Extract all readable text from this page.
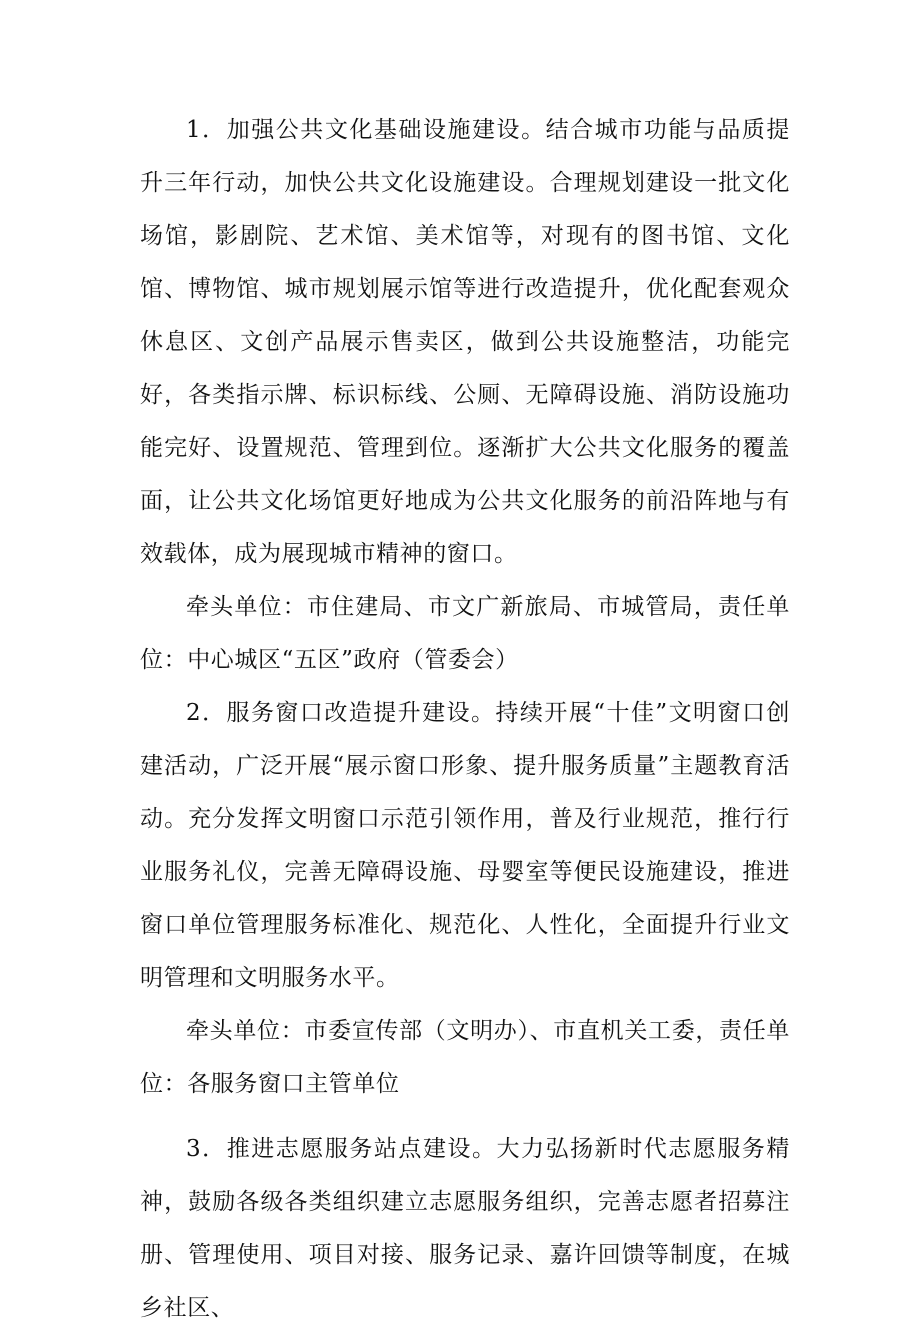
1．加强公共文化基础设施建设。结合城市功能与品质提升三年行动，加快公共文化设施建设。合理规划建设一批文化场馆，影剧院、艺术馆、美术馆等，对现有的图书馆、文化馆、博物馆、城市规划展示馆等进行改造提升，优化配套观众休息区、文创产品展示售卖区，做到公共设施整洁，功能完好，各类指示牌、标识标线、公厕、无障碍设施、消防设施功能完好、设置规范、管理到位。逐渐扩大公共文化服务的覆盖面，让公共文化场馆更好地成为公共文化服务的前沿阵地与有效载体，成为展现城市精神的窗口。

牵头单位：市住建局、市文广新旅局、市城管局，责任单位：中心城区“五区”政府（管委会）

2．服务窗口改造提升建设。持续开展“十佳”文明窗口创建活动，广泛开展“展示窗口形象、提升服务质量”主题教育活动。充分发挥文明窗口示范引领作用，普及行业规范，推行行业服务礼仪，完善无障碍设施、母婴室等便民设施建设，推进窗口单位管理服务标准化、规范化、人性化，全面提升行业文明管理和文明服务水平。

牵头单位：市委宣传部（文明办）、市直机关工委，责任单位：各服务窗口主管单位

3．推进志愿服务站点建设。大力弘扬新时代志愿服务精神，鼓励各级各类组织建立志愿服务组织，完善志愿者招募注册、管理使用、项目对接、服务记录、嘉许回馈等制度，在城乡社区、
